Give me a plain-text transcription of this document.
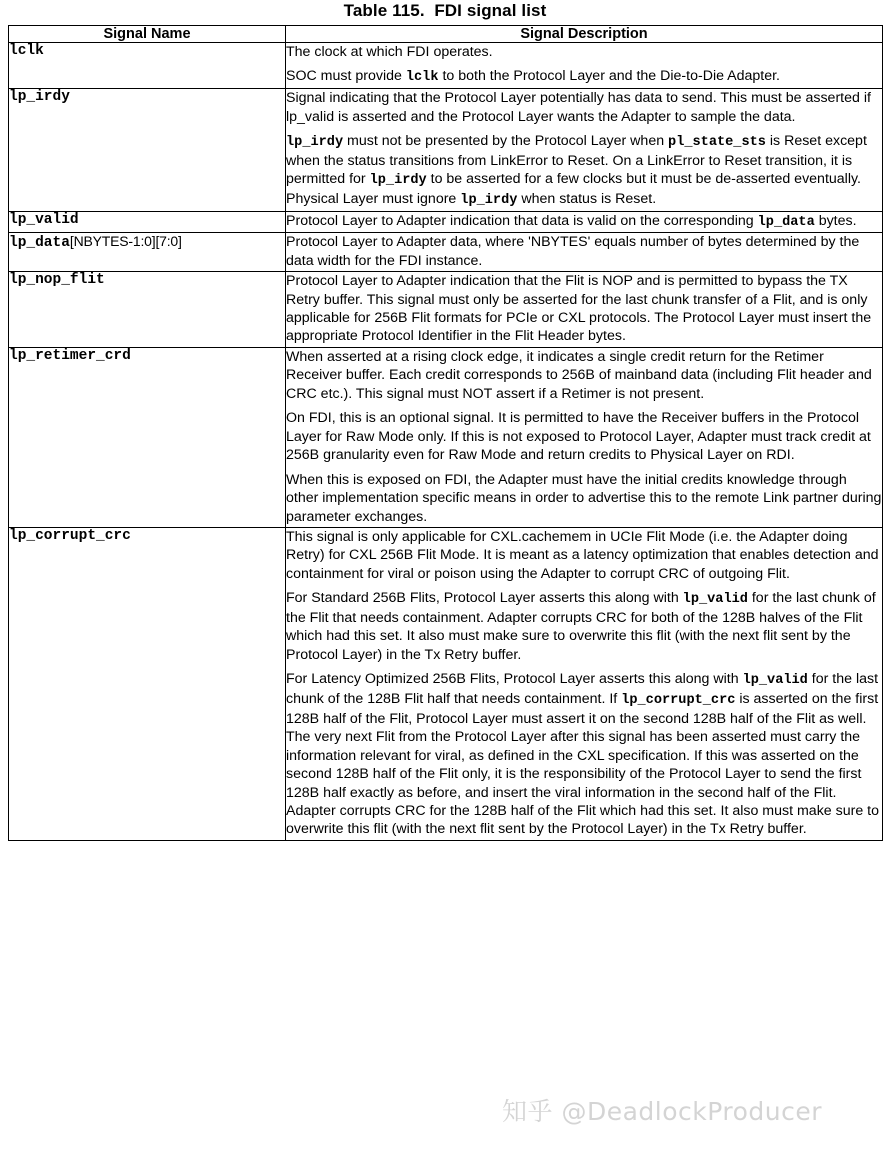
Table 115. FDI signal list
Signal Name	Signal Description
lclk	The clock at which FDI operates.

SOC must provide lclk to both the Protocol Layer and the Die-to-Die Adapter.

lp_irdy	Signal indicating that the Protocol Layer potentially has data to send. This must be asserted if lp_valid is asserted and the Protocol Layer wants the Adapter to sample the data.

lp_irdy must not be presented by the Protocol Layer when pl_state_sts is Reset except when the status transitions from LinkError to Reset. On a LinkError to Reset transition, it is permitted for lp_irdy to be asserted for a few clocks but it must be de-asserted eventually. Physical Layer must ignore lp_irdy when status is Reset.

lp_valid	Protocol Layer to Adapter indication that data is valid on the corresponding lp_data bytes.

lp_data[NBYTES-1:0][7:0]	Protocol Layer to Adapter data, where 'NBYTES' equals number of bytes determined by the data width for the FDI instance.

lp_nop_flit	Protocol Layer to Adapter indication that the Flit is NOP and is permitted to bypass the TX Retry buffer. This signal must only be asserted for the last chunk transfer of a Flit, and is only applicable for 256B Flit formats for PCIe or CXL protocols. The Protocol Layer must insert the appropriate Protocol Identifier in the Flit Header bytes.

lp_retimer_crd	When asserted at a rising clock edge, it indicates a single credit return for the Retimer Receiver buffer. Each credit corresponds to 256B of mainband data (including Flit header and CRC etc.). This signal must NOT assert if a Retimer is not present.

On FDI, this is an optional signal. It is permitted to have the Receiver buffers in the Protocol Layer for Raw Mode only. If this is not exposed to Protocol Layer, Adapter must track credit at 256B granularity even for Raw Mode and return credits to Physical Layer on RDI.

When this is exposed on FDI, the Adapter must have the initial credits knowledge through other implementation specific means in order to advertise this to the remote Link partner during parameter exchanges.

lp_corrupt_crc	This signal is only applicable for CXL.cachemem in UCIe Flit Mode (i.e. the Adapter doing Retry) for CXL 256B Flit Mode. It is meant as a latency optimization that enables detection and containment for viral or poison using the Adapter to corrupt CRC of outgoing Flit.

For Standard 256B Flits, Protocol Layer asserts this along with lp_valid for the last chunk of the Flit that needs containment. Adapter corrupts CRC for both of the 128B halves of the Flit which had this set. It also must make sure to overwrite this flit (with the next flit sent by the Protocol Layer) in the Tx Retry buffer.

For Latency Optimized 256B Flits, Protocol Layer asserts this along with lp_valid for the last chunk of the 128B Flit half that needs containment. If lp_corrupt_crc is asserted on the first 128B half of the Flit, Protocol Layer must assert it on the second 128B half of the Flit as well. The very next Flit from the Protocol Layer after this signal has been asserted must carry the information relevant for viral, as defined in the CXL specification. If this was asserted on the second 128B half of the Flit only, it is the responsibility of the Protocol Layer to send the first 128B half exactly as before, and insert the viral information in the second half of the Flit. Adapter corrupts CRC for the 128B half of the Flit which had this set. It also must make sure to overwrite this flit (with the next flit sent by the Protocol Layer) in the Tx Retry buffer.

知乎 @DeadlockProducer
